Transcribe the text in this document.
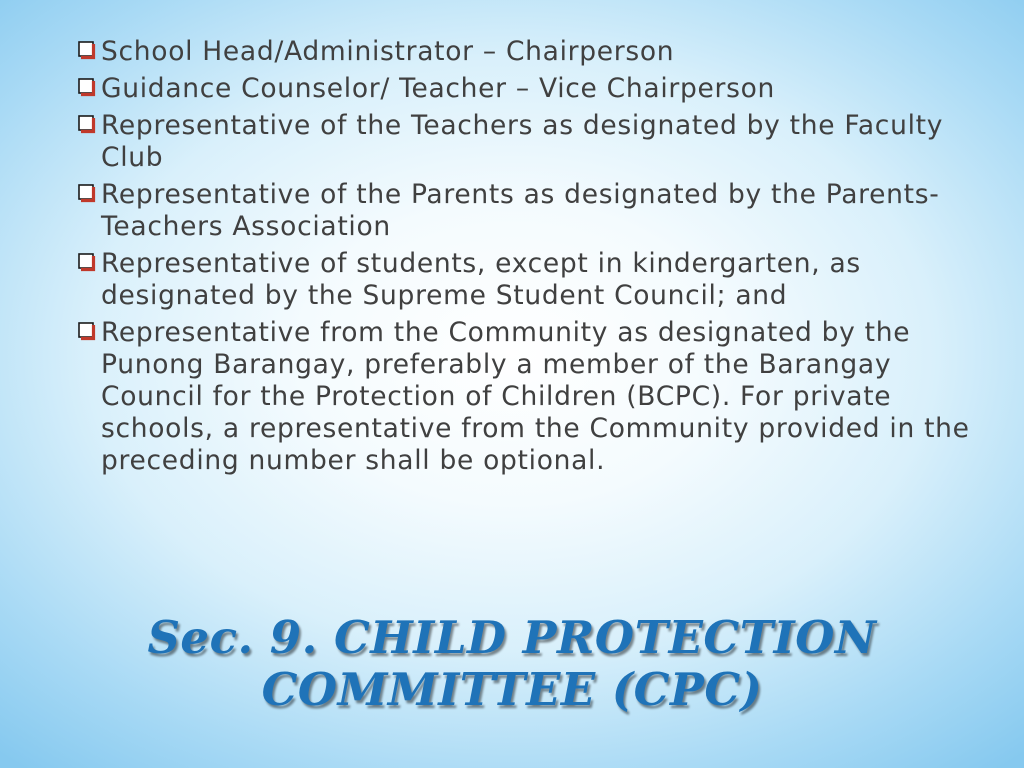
School Head/Administrator – Chairperson
Guidance Counselor/ Teacher – Vice Chairperson
Representative of the Teachers as designated by the Faculty Club
Representative of the Parents as designated by the Parents-Teachers Association
Representative of students, except in kindergarten, as designated by the Supreme Student Council; and
Representative from the Community as designated by the Punong Barangay, preferably a member of the Barangay Council for the Protection of Children (BCPC). For private schools, a representative from the Community provided in the preceding number shall be optional.
Sec. 9. CHILD PROTECTION
COMMITTEE (CPC)
